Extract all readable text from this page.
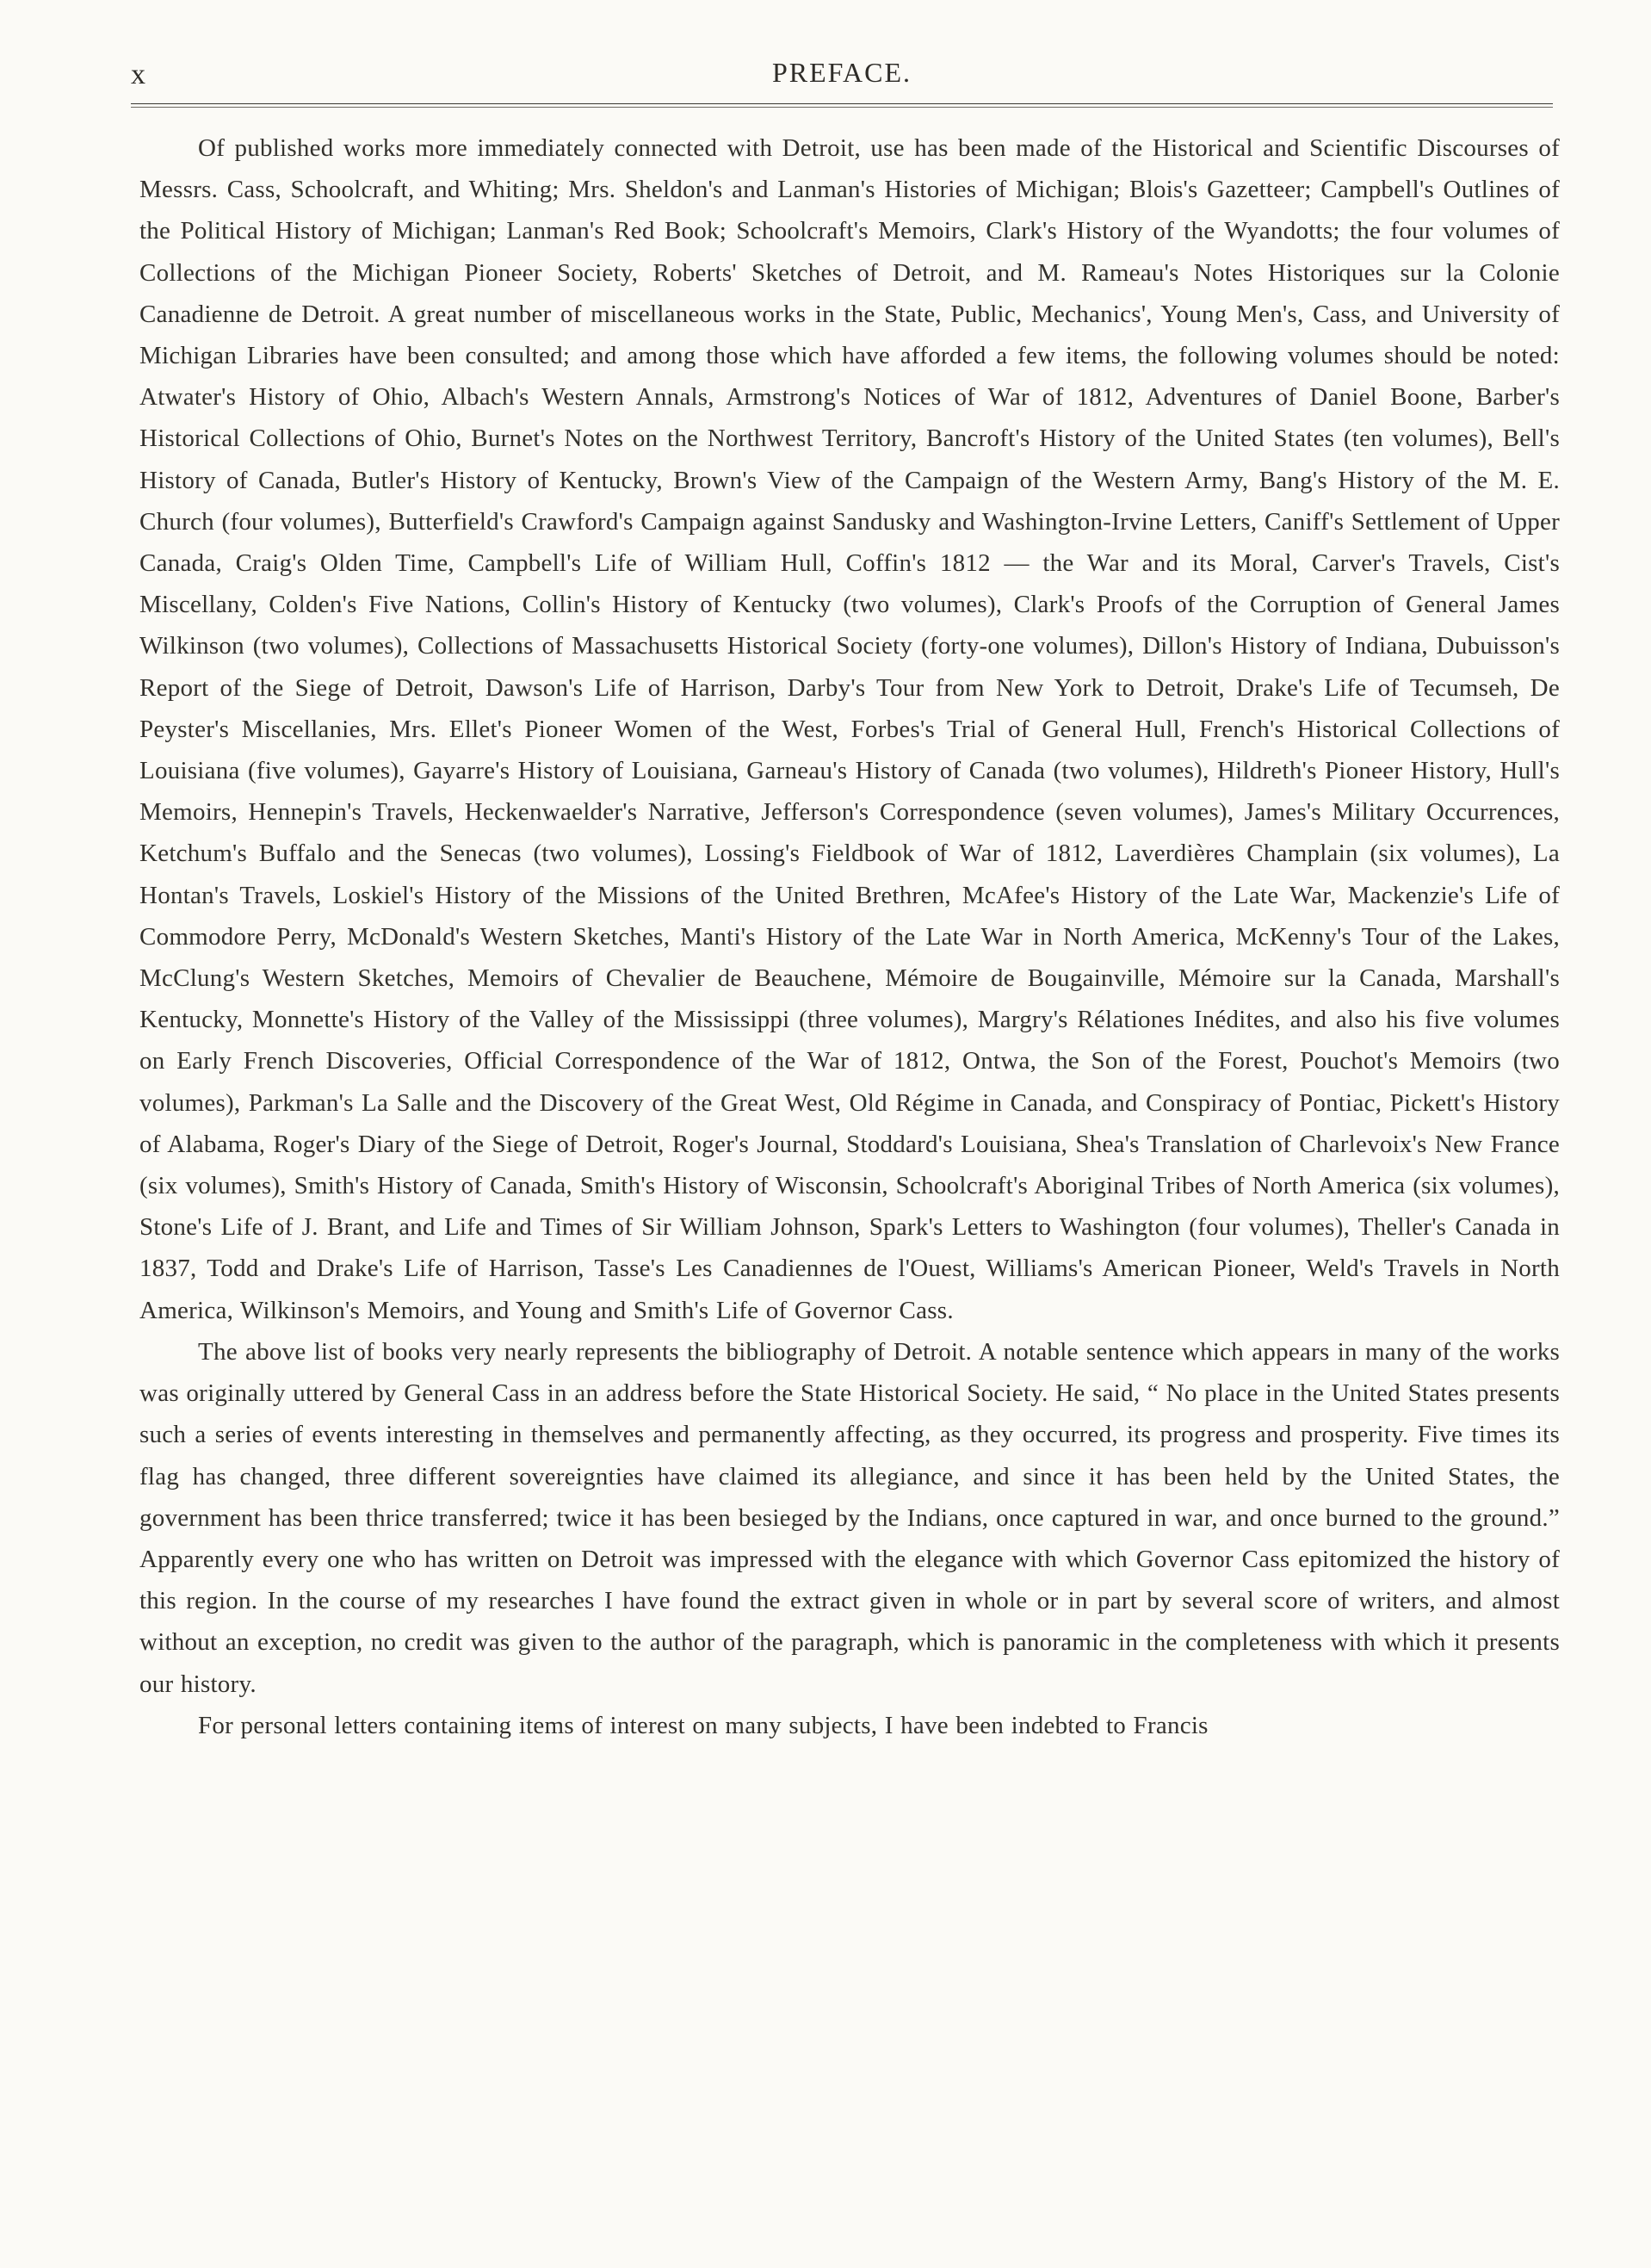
x	PREFACE.

Of published works more immediately connected with Detroit, use has been made of the Historical and Scientific Discourses of Messrs. Cass, Schoolcraft, and Whiting; Mrs. Sheldon's and Lanman's Histories of Michigan; Blois's Gazetteer; Campbell's Outlines of the Political History of Michigan; Lanman's Red Book; Schoolcraft's Memoirs, Clark's History of the Wyandotts; the four volumes of Collections of the Michigan Pioneer Society, Roberts' Sketches of Detroit, and M. Rameau's Notes Historiques sur la Colonie Canadienne de Detroit. A great number of miscellaneous works in the State, Public, Mechanics', Young Men's, Cass, and University of Michigan Libraries have been consulted; and among those which have afforded a few items, the following volumes should be noted: Atwater's History of Ohio, Albach's Western Annals, Armstrong's Notices of War of 1812, Adventures of Daniel Boone, Barber's Historical Collections of Ohio, Burnet's Notes on the Northwest Territory, Bancroft's History of the United States (ten volumes), Bell's History of Canada, Butler's History of Kentucky, Brown's View of the Campaign of the Western Army, Bang's History of the M. E. Church (four volumes), Butterfield's Crawford's Campaign against Sandusky and Washington-Irvine Letters, Caniff's Settlement of Upper Canada, Craig's Olden Time, Campbell's Life of William Hull, Coffin's 1812 — the War and its Moral, Carver's Travels, Cist's Miscellany, Colden's Five Nations, Collin's History of Kentucky (two volumes), Clark's Proofs of the Corruption of General James Wilkinson (two volumes), Collections of Massachusetts Historical Society (forty-one volumes), Dillon's History of Indiana, Dubuisson's Report of the Siege of Detroit, Dawson's Life of Harrison, Darby's Tour from New York to Detroit, Drake's Life of Tecumseh, De Peyster's Miscellanies, Mrs. Ellet's Pioneer Women of the West, Forbes's Trial of General Hull, French's Historical Collections of Louisiana (five volumes), Gayarre's History of Louisiana, Garneau's History of Canada (two volumes), Hildreth's Pioneer History, Hull's Memoirs, Hennepin's Travels, Heckenwaelder's Narrative, Jefferson's Correspondence (seven volumes), James's Military Occurrences, Ketchum's Buffalo and the Senecas (two volumes), Lossing's Fieldbook of War of 1812, Laverdières Champlain (six volumes), La Hontan's Travels, Loskiel's History of the Missions of the United Brethren, McAfee's History of the Late War, Mackenzie's Life of Commodore Perry, McDonald's Western Sketches, Manti's History of the Late War in North America, McKenny's Tour of the Lakes, McClung's Western Sketches, Memoirs of Chevalier de Beauchene, Mémoire de Bougainville, Mémoire sur la Canada, Marshall's Kentucky, Monnette's History of the Valley of the Mississippi (three volumes), Margry's Rélationes Inédites, and also his five volumes on Early French Discoveries, Official Correspondence of the War of 1812, Ontwa, the Son of the Forest, Pouchot's Memoirs (two volumes), Parkman's La Salle and the Discovery of the Great West, Old Régime in Canada, and Conspiracy of Pontiac, Pickett's History of Alabama, Roger's Diary of the Siege of Detroit, Roger's Journal, Stoddard's Louisiana, Shea's Translation of Charlevoix's New France (six volumes), Smith's History of Canada, Smith's History of Wisconsin, Schoolcraft's Aboriginal Tribes of North America (six volumes), Stone's Life of J. Brant, and Life and Times of Sir William Johnson, Spark's Letters to Washington (four volumes), Theller's Canada in 1837, Todd and Drake's Life of Harrison, Tasse's Les Canadiennes de l'Ouest, Williams's American Pioneer, Weld's Travels in North America, Wilkinson's Memoirs, and Young and Smith's Life of Governor Cass.

The above list of books very nearly represents the bibliography of Detroit. A notable sentence which appears in many of the works was originally uttered by General Cass in an address before the State Historical Society. He said, “ No place in the United States presents such a series of events interesting in themselves and permanently affecting, as they occurred, its progress and prosperity. Five times its flag has changed, three different sovereignties have claimed its allegiance, and since it has been held by the United States, the government has been thrice transferred; twice it has been besieged by the Indians, once captured in war, and once burned to the ground.” Apparently every one who has written on Detroit was impressed with the elegance with which Governor Cass epitomized the history of this region. In the course of my researches I have found the extract given in whole or in part by several score of writers, and almost without an exception, no credit was given to the author of the paragraph, which is panoramic in the completeness with which it presents our history.

For personal letters containing items of interest on many subjects, I have been indebted to Francis
